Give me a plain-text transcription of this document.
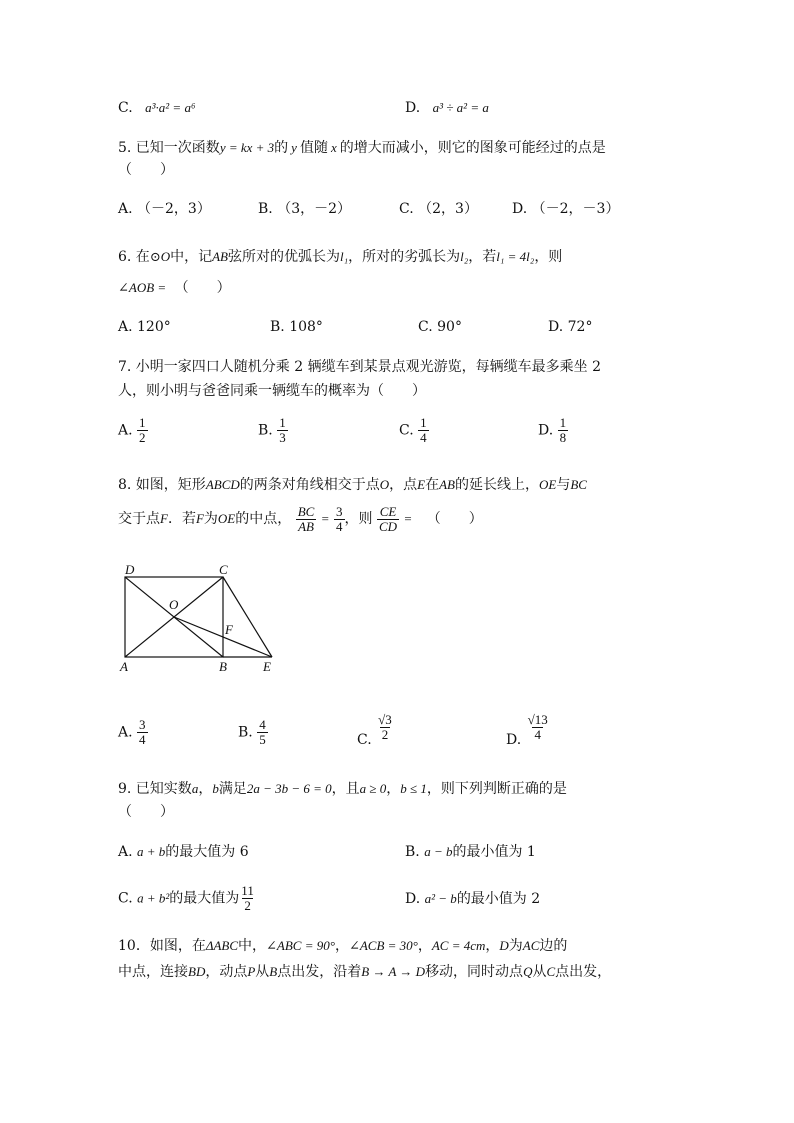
C. a³·a² = a⁶	D. a³ ÷ a² = a
5. 已知一次函数y = kx + 3的 y 值随 x 的增大而减小，则它的图象可能经过的点是
（　　）
A. （－2，3）	B. （3，－2）	C. （2，3） D. （－2，－3）
6. 在⊙O中，记AB弦所对的优弧长为l₁，所对的劣弧长为l₂，若l₁ = 4l₂，则
∠AOB = （　　）
A. 120°	B. 108°	C. 90°	D. 72°
7. 小明一家四口人随机分乘 2 辆缆车到某景点观光游览，每辆缆车最多乘坐 2
人，则小明与爸爸同乘一辆缆车的概率为（　　）
A. $\frac{1}{2}$	B. $\frac{1}{3}$	C. $\frac{1}{4}$	D. $\frac{1}{8}$
8. 如图，矩形ABCD的两条对角线相交于点O，点E在AB的延长线上，OE与BC
交于点F．若F为OE的中点， $\frac{BC}{AB} = \frac{3}{4}$ ，则 $\frac{CE}{CD}$ = （　　）
D	C
O
F
A	B	E
A. $\frac{3}{4}$	B. $\frac{4}{5}$	C. $\frac{√3}{2}$	D. $\frac{√13}{4}$
9. 已知实数a，b满足2a − 3b − 6 = 0，且a ≥ 0，b ≤ 1，则下列判断正确的是
（　　）
A. a + b的最大值为 6	B. a − b的最小值为 1
C. a + b²的最大值为 $\frac{11}{2}$	D. a² − b的最小值为 2
10．如图，在ΔABC中，∠ABC = 90°，∠ACB = 30°，AC = 4cm，D为AC边的
中点，连接BD，动点P从B点出发，沿着B → A → D移动，同时动点Q从C点出发，
